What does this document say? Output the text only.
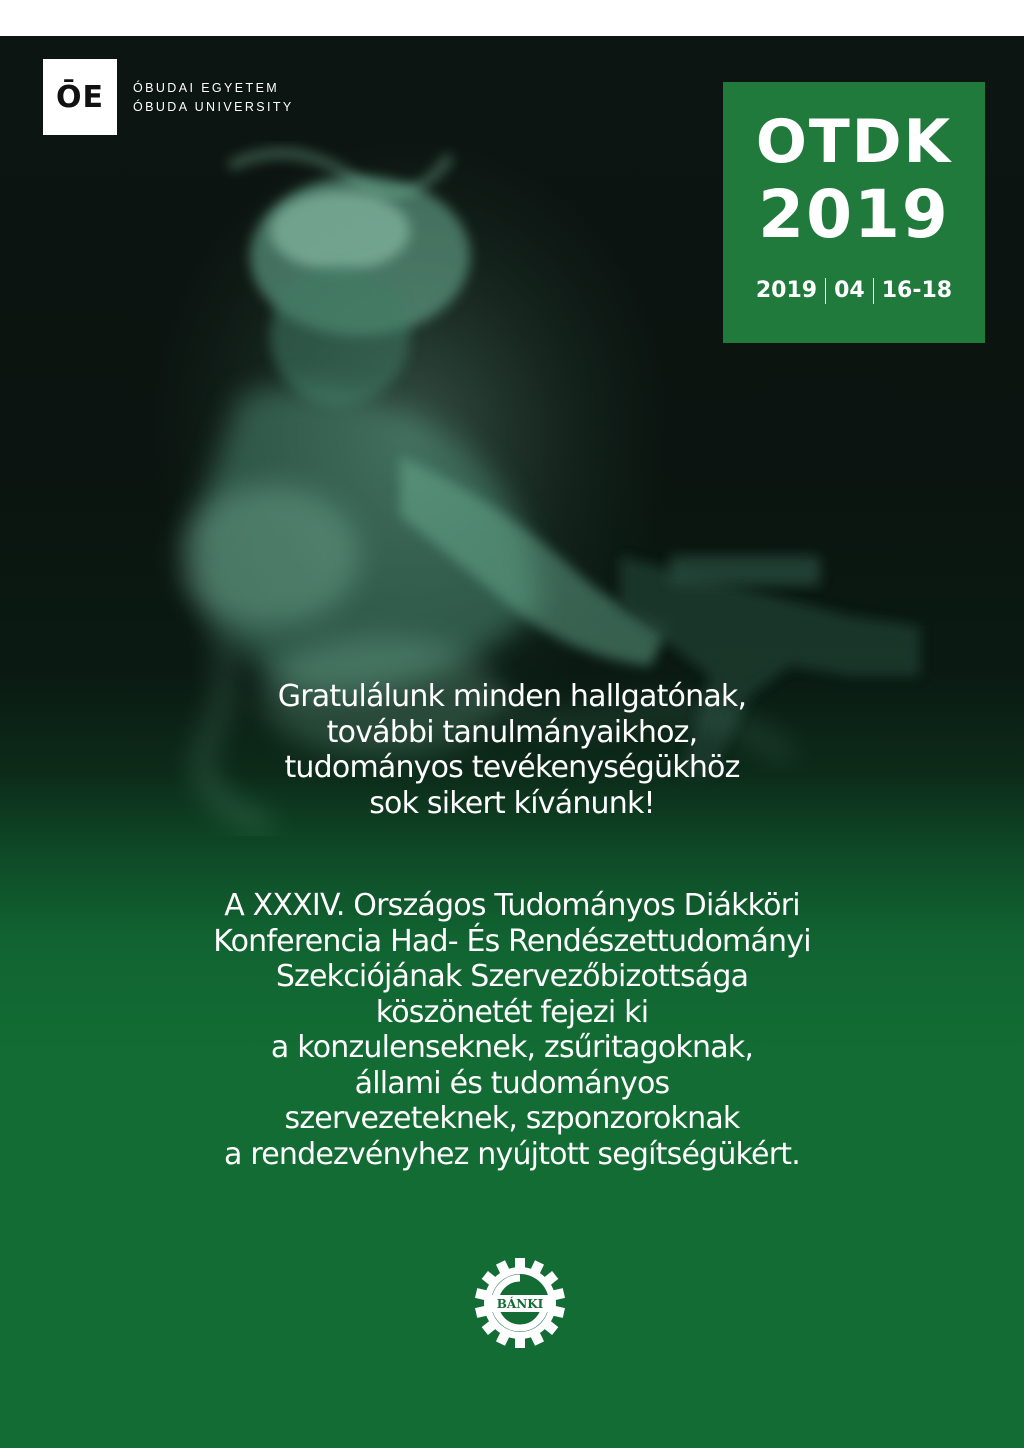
ŌE ÓBUDAI EGYETEM
ÓBUDA UNIVERSITY	OTDK
2019
2019 04 16-18
Gratulálunk minden hallgatónak,
további tanulmányaikhoz,
tudományos tevékenységükhöz
sok sikert kívánunk!
A XXXIV. Országos Tudományos Diákköri
Konferencia Had- És Rendészettudományi
Szekciójának Szervezőbizottsága
köszönetét fejezi ki
a konzulenseknek, zsűritagoknak,
állami és tudományos
szervezeteknek, szponzoroknak
a rendezvényhez nyújtott segítségükért.
BÁNKI
